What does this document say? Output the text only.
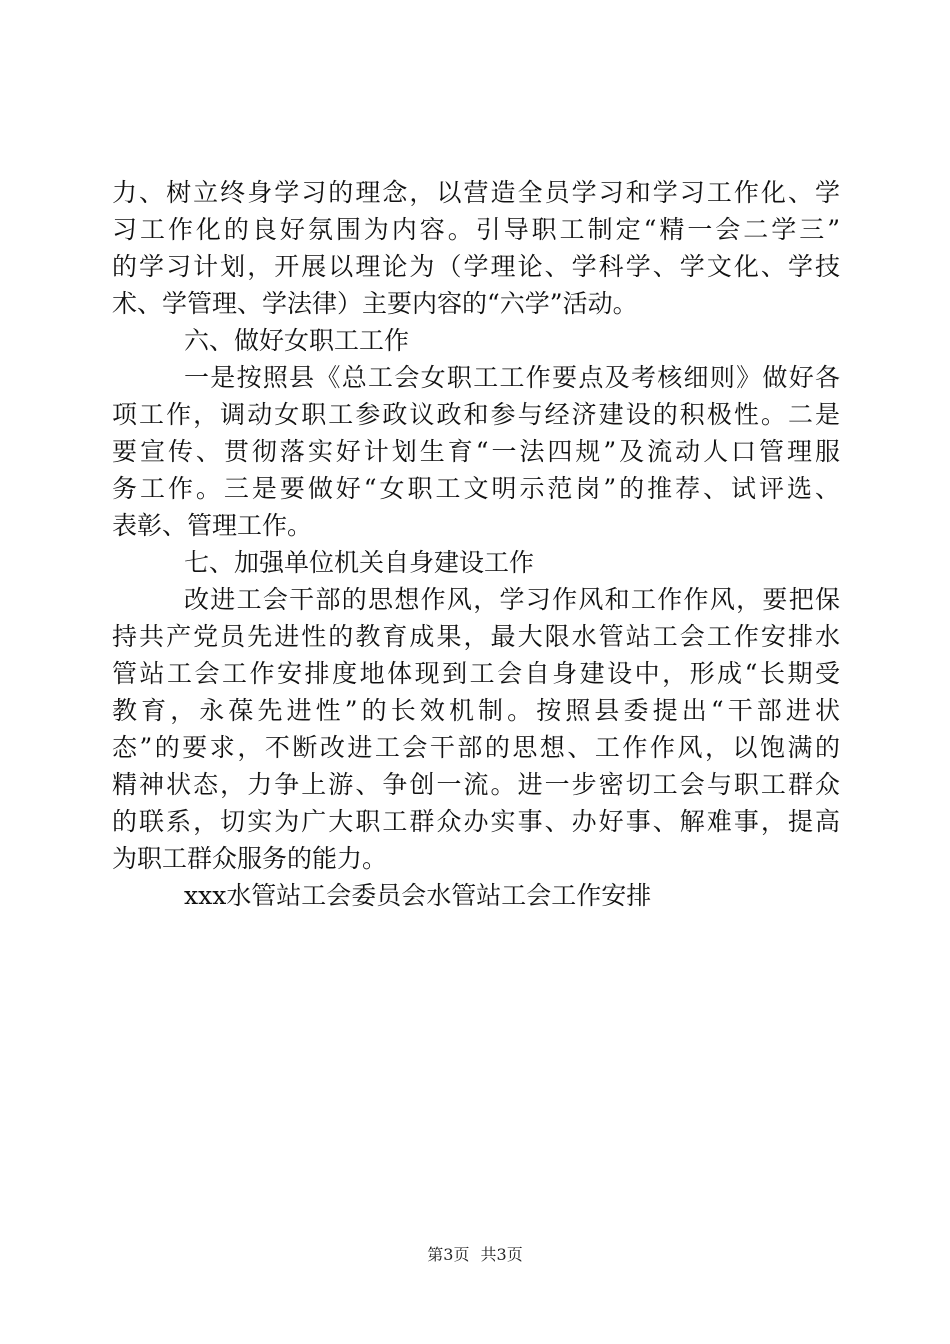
力、树立终身学习的理念，以营造全员学习和学习工作化、学
习工作化的良好氛围为内容。引导职工制定“精一会二学三”
的学习计划，开展以理论为（学理论、学科学、学文化、学技
术、学管理、学法律）主要内容的“六学”活动。
六、做好女职工工作
一是按照县《总工会女职工工作要点及考核细则》做好各
项工作，调动女职工参政议政和参与经济建设的积极性。二是
要宣传、贯彻落实好计划生育“一法四规”及流动人口管理服
务工作。三是要做好“女职工文明示范岗”的推荐、试评选、
表彰、管理工作。
七、加强单位机关自身建设工作
改进工会干部的思想作风，学习作风和工作作风，要把保
持共产党员先进性的教育成果，最大限水管站工会工作安排水
管站工会工作安排度地体现到工会自身建设中，形成“长期受
教育，永葆先进性”的长效机制。按照县委提出“干部进状
态”的要求，不断改进工会干部的思想、工作作风，以饱满的
精神状态，力争上游、争创一流。进一步密切工会与职工群众
的联系，切实为广大职工群众办实事、办好事、解难事，提高
为职工群众服务的能力。
xxx水管站工会委员会水管站工会工作安排
第3页 共3页
